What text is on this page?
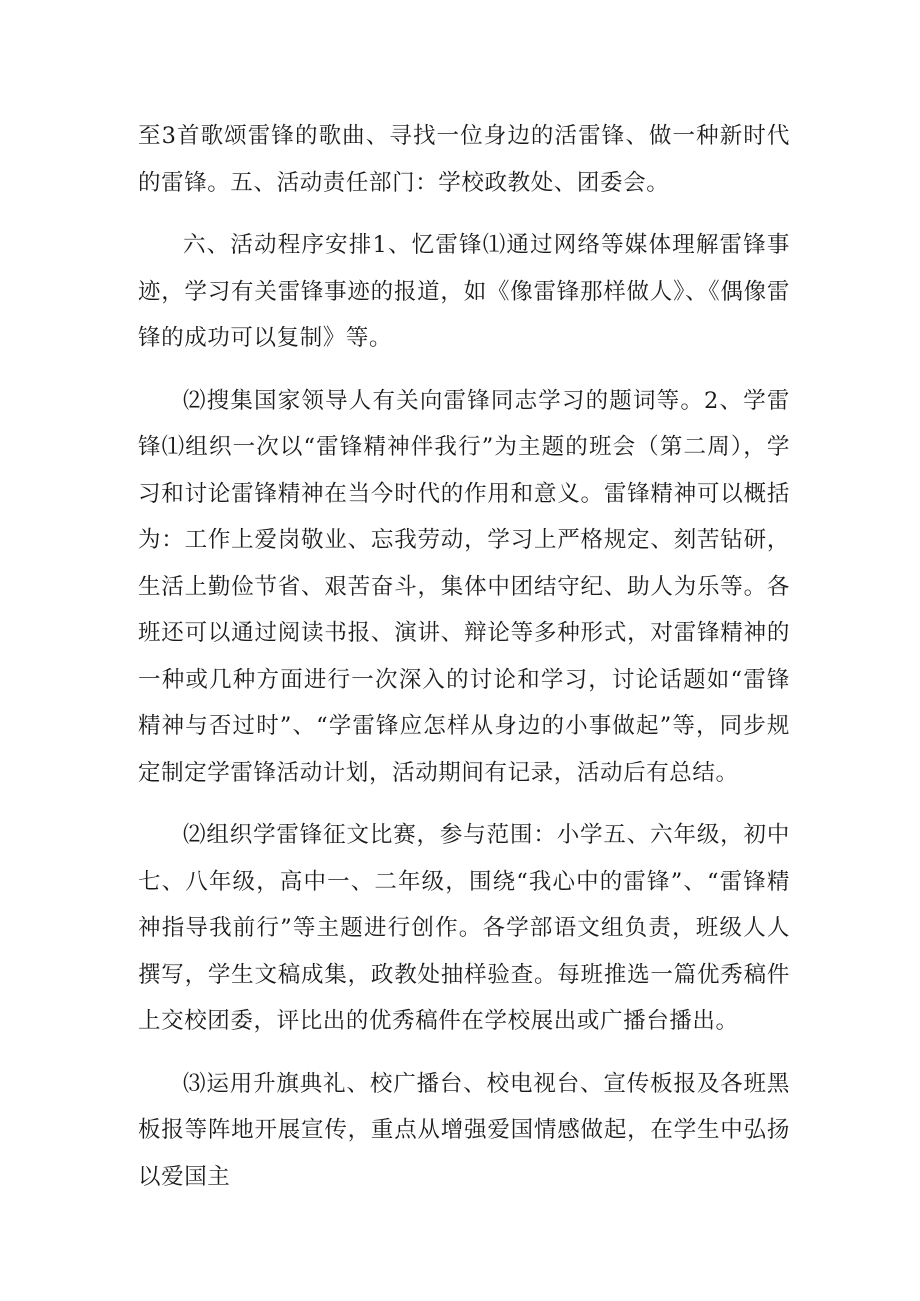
至3首歌颂雷锋的歌曲、寻找一位身边的活雷锋、做一种新时代的雷锋。五、活动责任部门：学校政教处、团委会。

六、活动程序安排1、忆雷锋⑴通过网络等媒体理解雷锋事迹，学习有关雷锋事迹的报道，如《像雷锋那样做人》、《偶像雷锋的成功可以复制》等。

⑵搜集国家领导人有关向雷锋同志学习的题词等。2、学雷锋⑴组织一次以“雷锋精神伴我行”为主题的班会（第二周），学习和讨论雷锋精神在当今时代的作用和意义。雷锋精神可以概括为：工作上爱岗敬业、忘我劳动，学习上严格规定、刻苦钻研，生活上勤俭节省、艰苦奋斗，集体中团结守纪、助人为乐等。各班还可以通过阅读书报、演讲、辩论等多种形式，对雷锋精神的一种或几种方面进行一次深入的讨论和学习，讨论话题如“雷锋精神与否过时”、“学雷锋应怎样从身边的小事做起”等，同步规定制定学雷锋活动计划，活动期间有记录，活动后有总结。

⑵组织学雷锋征文比赛，参与范围：小学五、六年级，初中七、八年级，高中一、二年级，围绕“我心中的雷锋”、“雷锋精神指导我前行”等主题进行创作。各学部语文组负责，班级人人撰写，学生文稿成集，政教处抽样验查。每班推选一篇优秀稿件上交校团委，评比出的优秀稿件在学校展出或广播台播出。

⑶运用升旗典礼、校广播台、校电视台、宣传板报及各班黑板报等阵地开展宣传，重点从增强爱国情感做起，在学生中弘扬以爱国主
